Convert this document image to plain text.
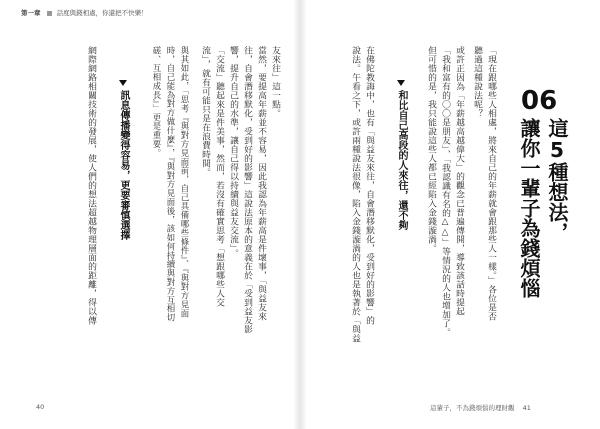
第一章 話度與錢相處，你還把不快樂！
06
這5種想法，
讓你一輩子為錢煩惱
「現在跟哪些人相處，將來自己的年薪就會跟那些人一樣。」各位是否
聽過這種說法呢？
或許正因為「年薪越高越偉大」的觀念已普遍傳開，導致該話時提起
「我和富有的〇〇是朋友」、「我認識有名的△△」等情況的人也增加了。
但可惜的是，我只能說這些人都已經陷入金錢漩渦。
和比自己高段的人來往，還不夠
在佛陀教誨中，也有「與益友來往，自會潛移默化，受到好的影響」的
說法。午看之下，或許兩種說法很像，陷入金錢漩渦的人也是執著於「與益
友來往」這一點。
當然，要提高年薪並不容易，因此我認為年薪高是件壞事，「與益友來
往，自會潛移默化，受到好的影響」這說法原本的意義在於「受到益友影
響，提升自己的水準，讓自己得以持續與益友交流」。
「交流」聽起來是件美事，然而，若沒有確實思考「想跟哪些人交
流」，就有可能只是在浪費時間。
與其如此，「思考『與對方見面前，自己具備哪些條件』、『與對方見面
時，自己能為對方做什麼』，『與對方見面後，該如何持續與對方互相切
磋、互相成長』」更是重要。
訊息傳播變得容易，更要審慎選擇
網際網路相關技術的發展，使人們的想法超越物理層面的距離，得以傳
40	這輩子，不為錢煩惱的理財觀 41
